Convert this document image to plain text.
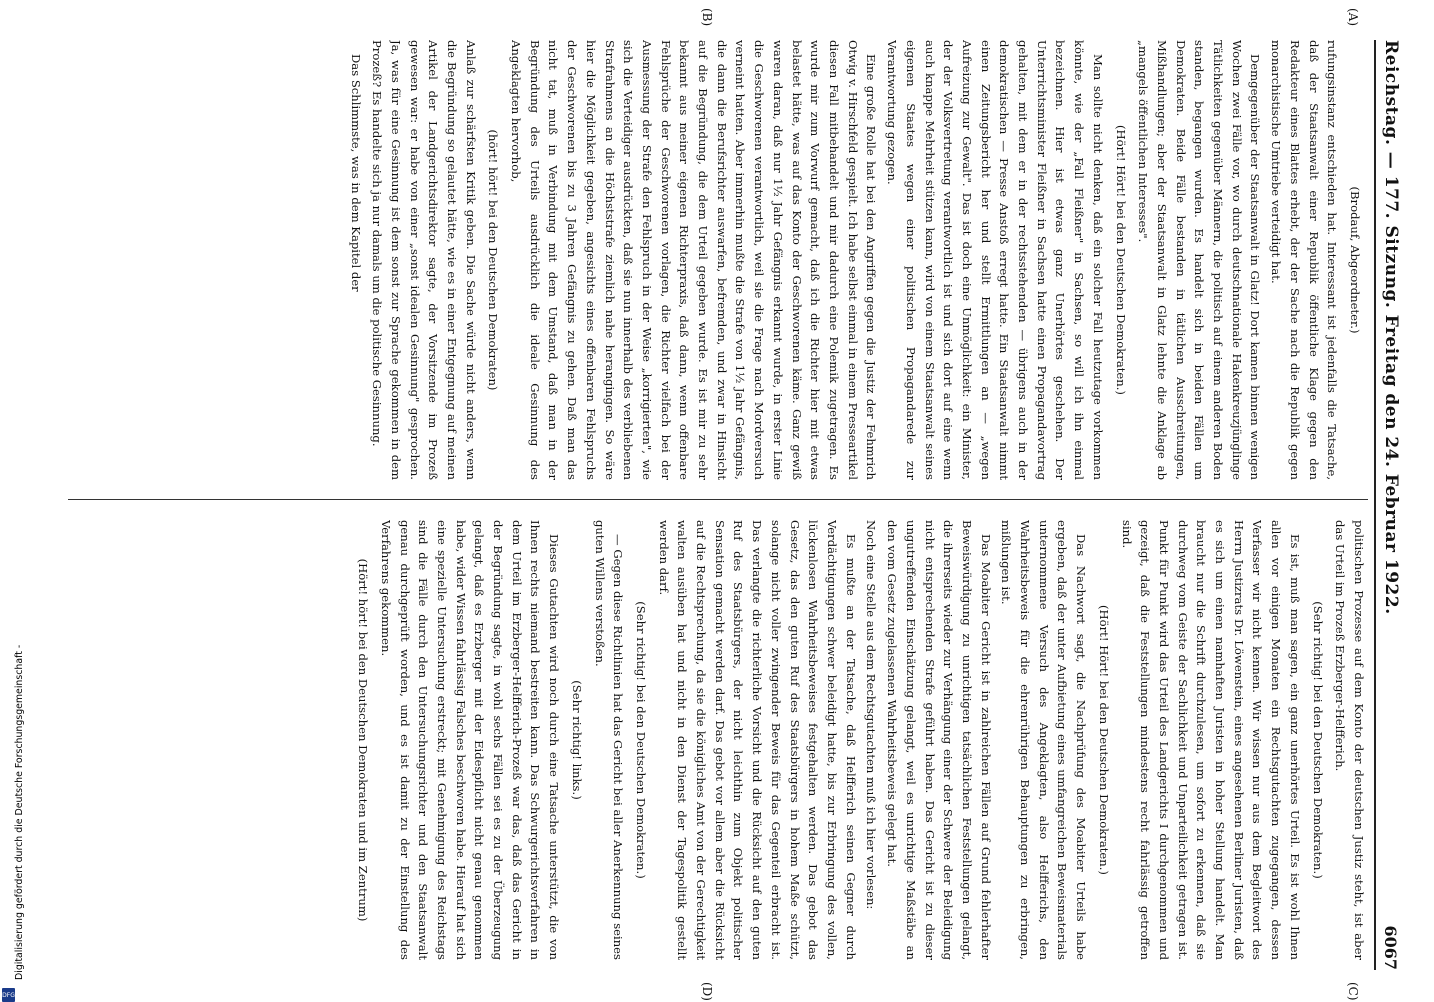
Digitalisierung gefördert durch die Deutsche Forschungsgemeinschaft -
DFG
Reichstag. — 177. Sitzung. Freitag den 24. Februar 1922.
6067
(A)
(B)
(C)
(D)

(Brodauf, Abgeordneter.)

rufungsinstanz entschieden hat. Interessant ist jedenfalls die Tatsache, daß der Staatsanwalt einer Republik öffentliche Klage gegen den Redakteur eines Blattes erhebt, der der Sache nach die Republik gegen monarchistische Umtriebe verteidigt hat.

Demgegenüber der Staatsanwalt in Glatz! Dort kamen binnen wenigen Wochen zwei Fälle vor, wo durch deutschnationale Hakenkreuzjünglinge Tätlichkeiten gegenüber Männern, die politisch auf einem anderen Boden standen, begangen wurden. Es handelt sich in beiden Fällen um Demokraten. Beide Fälle bestanden in tätlichen Ausschreitungen, Mißhandlungen; aber der Staatsanwalt in Glatz lehnte die Anklage ab „mangels öffentlichen Interesses".

(Hört! Hört! bei den Deutschen Demokraten.)

Man sollte nicht denken, daß ein solcher Fall heutzutage vorkommen könnte, wie der „Fall Fleißner" in Sachsen, so will ich ihn einmal bezeichnen. Hier ist etwas ganz Unerhörtes geschehen. Der Unterrichtsminister Fleißner in Sachsen hatte einen Propagandavortrag gehalten, mit dem er in der rechtsstehenden — übrigens auch in der demokratischen — Presse Anstoß erregt hatte. Ein Staatsanwalt nimmt einen Zeitungsbericht her und stellt Ermittlungen an — „wegen Aufreizung zur Gewalt". Das ist doch eine Unmöglichkeit: ein Minister, der der Volksvertretung verantwortlich ist und sich dort auf eine wenn auch knappe Mehrheit stützen kann, wird von einem Staatsanwalt seines eigenen Staates wegen einer politischen Propagandarede zur Verantwortung gezogen.

Eine große Rolle hat bei den Angriffen gegen die Justiz der Fehmrich Otwig v. Hirschfeld gespielt. Ich habe selbst einmal in einem Presseartikel diesen Fall mitbehandelt und mir dadurch eine Polemik zugetragen. Es wurde mir zum Vorwurf gemacht, daß ich die Richter hier mit etwas belastet hätte, was auf das Konto der Geschworenen käme. Ganz gewiß waren daran, daß nur 1½ Jahr Gefängnis erkannt wurde, in erster Linie die Geschworenen verantwortlich, weil sie die Frage nach Mordversuch verneint hatten. Aber immerhin mußte die Strafe von 1½ Jahr Gefängnis, die dann die Berufsrichter auswarfen, befremden, und zwar in Hinsicht auf die Begründung, die dem Urteil gegeben wurde. Es ist mir zu sehr bekannt aus meiner eigenen Richterpraxis, daß dann, wenn offenbare Fehlsprüche der Geschworenen vorlagen, die Richter vielfach bei der Ausmessung der Strafe den Fehlspruch in der Weise „korrigierten", wie sich die Verteidiger ausdrückten, daß sie nun innerhalb des verbliebenen Strafrahmens an die Höchststrafe ziemlich nahe herangingen. So wäre hier die Möglichkeit gegeben, angesichts eines offenbaren Fehlspruchs der Geschworenen bis zu 3 Jahren Gefängnis zu gehen. Daß man das nicht tat, muß in Verbindung mit dem Umstand, daß man in der Begründung des Urteils ausdrücklich die ideale Gesinnung des Angeklagten hervorhob,

(hört! hört! bei den Deutschen Demokraten)

Anlaß zur schärfsten Kritik geben. Die Sache würde nicht anders, wenn die Begründung so gelautet hätte, wie es in einer Entgegnung auf meinen Artikel der Landgerichtsdirektor sagte, der Vorsitzende im Prozeß gewesen war: er habe von einer „sonst idealen Gesinnung" gesprochen. Ja, was für eine Gesinnung ist dem sonst zur Sprache gekommen in dem Prozeß? Es handelte sich ja nur damals um die politische Gesinnung.

Das Schlimmste, was in dem Kapitel der

politischen Prozesse auf dem Konto der deutschen Justiz steht, ist aber das Urteil im Prozeß Erzberger-Helfferich.

(Sehr richtig! bei den Deutschen Demokraten.)

Es ist, muß man sagen, ein ganz unerhörtes Urteil. Es ist wohl Ihnen allen vor einigen Monaten ein Rechtsgutachten zugegangen, dessen Verfasser wir nicht kennen. Wir wissen nur aus dem Begleitwort des Herrn Justizrats Dr. Löwenstein, eines angesehenen Berliner Juristen, daß es sich um einen namhaften Juristen in hoher Stellung handelt. Man braucht nur die Schrift durchzulesen, um sofort zu erkennen, daß sie durchweg vom Geiste der Sachlichkeit und Unparteilichkeit getragen ist. Punkt für Punkt wird das Urteil des Landgerichts I durchgenommen und gezeigt, daß die Feststellungen mindestens recht fahrlässig getroffen sind.

(Hört! Hört! bei den Deutschen Demokraten.)

Das Nachwort sagt, die Nachprüfung des Moabiter Urteils habe ergeben, daß der unter Aufbietung eines umfangreichen Beweismaterials unternommene Versuch des Angeklagten, also Helfferichs, den Wahrheitsbeweis für die ehrenrührigen Behauptungen zu erbringen, mißlungen ist.

Das Moabiter Gericht ist in zahlreichen Fällen auf Grund fehlerhafter Beweiswürdigung zu unrichtigen tatsächlichen Feststellungen gelangt, die ihrerseits wieder zur Verhängung einer der Schwere der Beleidigung nicht entsprechenden Strafe geführt haben. Das Gericht ist zu dieser ungutreffenden Einschätzung gelangt, weil es unrichtige Maßstäbe an den vom Gesetz zugelassenen Wahrheitsbeweis gelegt hat.

Noch eine Stelle aus dem Rechtsgutachten muß ich hier vorlesen:

Es mußte an der Tatsache, daß Helfferich seinen Gegner durch Verdächtigungen schwer beleidigt hatte, bis zur Erbringung des vollen, lückenlosen Wahrheitsbeweises festgehalten werden. Das gebot das Gesetz, das den guten Ruf des Staatsbürgers in hohem Maße schützt, solange nicht voller zwingender Beweis für das Gegenteil erbracht ist. Das verlangte die richterliche Vorsicht und die Rücksicht auf den guten Ruf des Staatsbürgers, der nicht leichthin zum Objekt politischer Sensation gemacht werden darf. Das gebot vor allem aber die Rücksicht auf die Rechtsprechung, da sie die königliches Amt von der Gerechtigkeit walten ausüben hat und nicht in den Dienst der Tagespolitik gestellt werden darf.

(Sehr richtig! bei den Deutschen Demokraten.)

— Gegen diese Richtlinien hat das Gericht bei aller Anerkennung seines guten Willens verstoßen.

(Sehr richtig! links.)

Dieses Gutachten wird noch durch eine Tatsache unterstützt, die von Ihnen rechts niemand bestreiten kann. Das Schwurgerichtsverfahren in dem Urteil im Erzberger-Helfferich-Prozeß war das, daß das Gericht in der Begründung sagte, in wohl sechs Fällen sei es zu der Überzeugung gelangt, daß es Erzberger mit der Eidespflicht nicht genau genommen habe, wider Wissen fahrlässig Falsches beschworen habe. Hierauf hat sich eine spezielle Untersuchung erstreckt; mit Genehmigung des Reichstags sind die Fälle durch den Untersuchungsrichter und den Staatsanwalt genau durchgeprüft worden, und es ist damit zu der Einstellung des Verfahrens gekommen.

(Hört! hört! bei den Deutschen Demokraten und im Zentrum)
